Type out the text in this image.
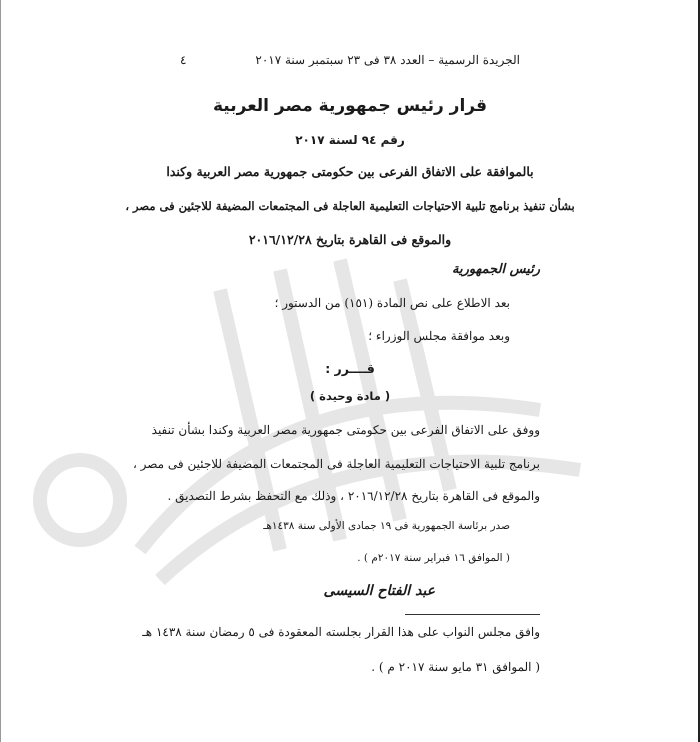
الجريدة الرسمية – العدد ٣٨ فى ٢٣ سبتمبر سنة ٢٠١٧
٤
قرار رئيس جمهورية مصر العربية
رقم ٩٤ لسنة ٢٠١٧
بالموافقة على الاتفاق الفرعى بين حكومتى جمهورية مصر العربية وكندا
بشأن تنفيذ برنامج تلبية الاحتياجات التعليمية العاجلة فى المجتمعات المضيفة للاجئين فى مصر ،
والموقع فى القاهرة بتاريخ ٢٠١٦/١٢/٢٨
رئيس الجمهورية
بعد الاطلاع على نص المادة (١٥١) من الدستور ؛
وبعد موافقة مجلس الوزراء ؛
قــــرر :
( مادة وحيدة )
ووفق على الاتفاق الفرعى بين حكومتى جمهورية مصر العربية وكندا بشأن تنفيذ
برنامج تلبية الاحتياجات التعليمية العاجلة فى المجتمعات المضيفة للاجئين فى مصر ،
والموقع فى القاهرة بتاريخ ٢٠١٦/١٢/٢٨ ، وذلك مع التحفظ بشرط التصديق .
صدر برئاسة الجمهورية فى ١٩ جمادى الأولى سنة ١٤٣٨هـ
( الموافق ١٦ فبراير سنة ٢٠١٧م ) .
عبد الفتاح السيسى
وافق مجلس النواب على هذا القرار بجلسته المعقودة فى ٥ رمضان سنة ١٤٣٨ هـ
( الموافق ٣١ مايو سنة ٢٠١٧ م ) .
